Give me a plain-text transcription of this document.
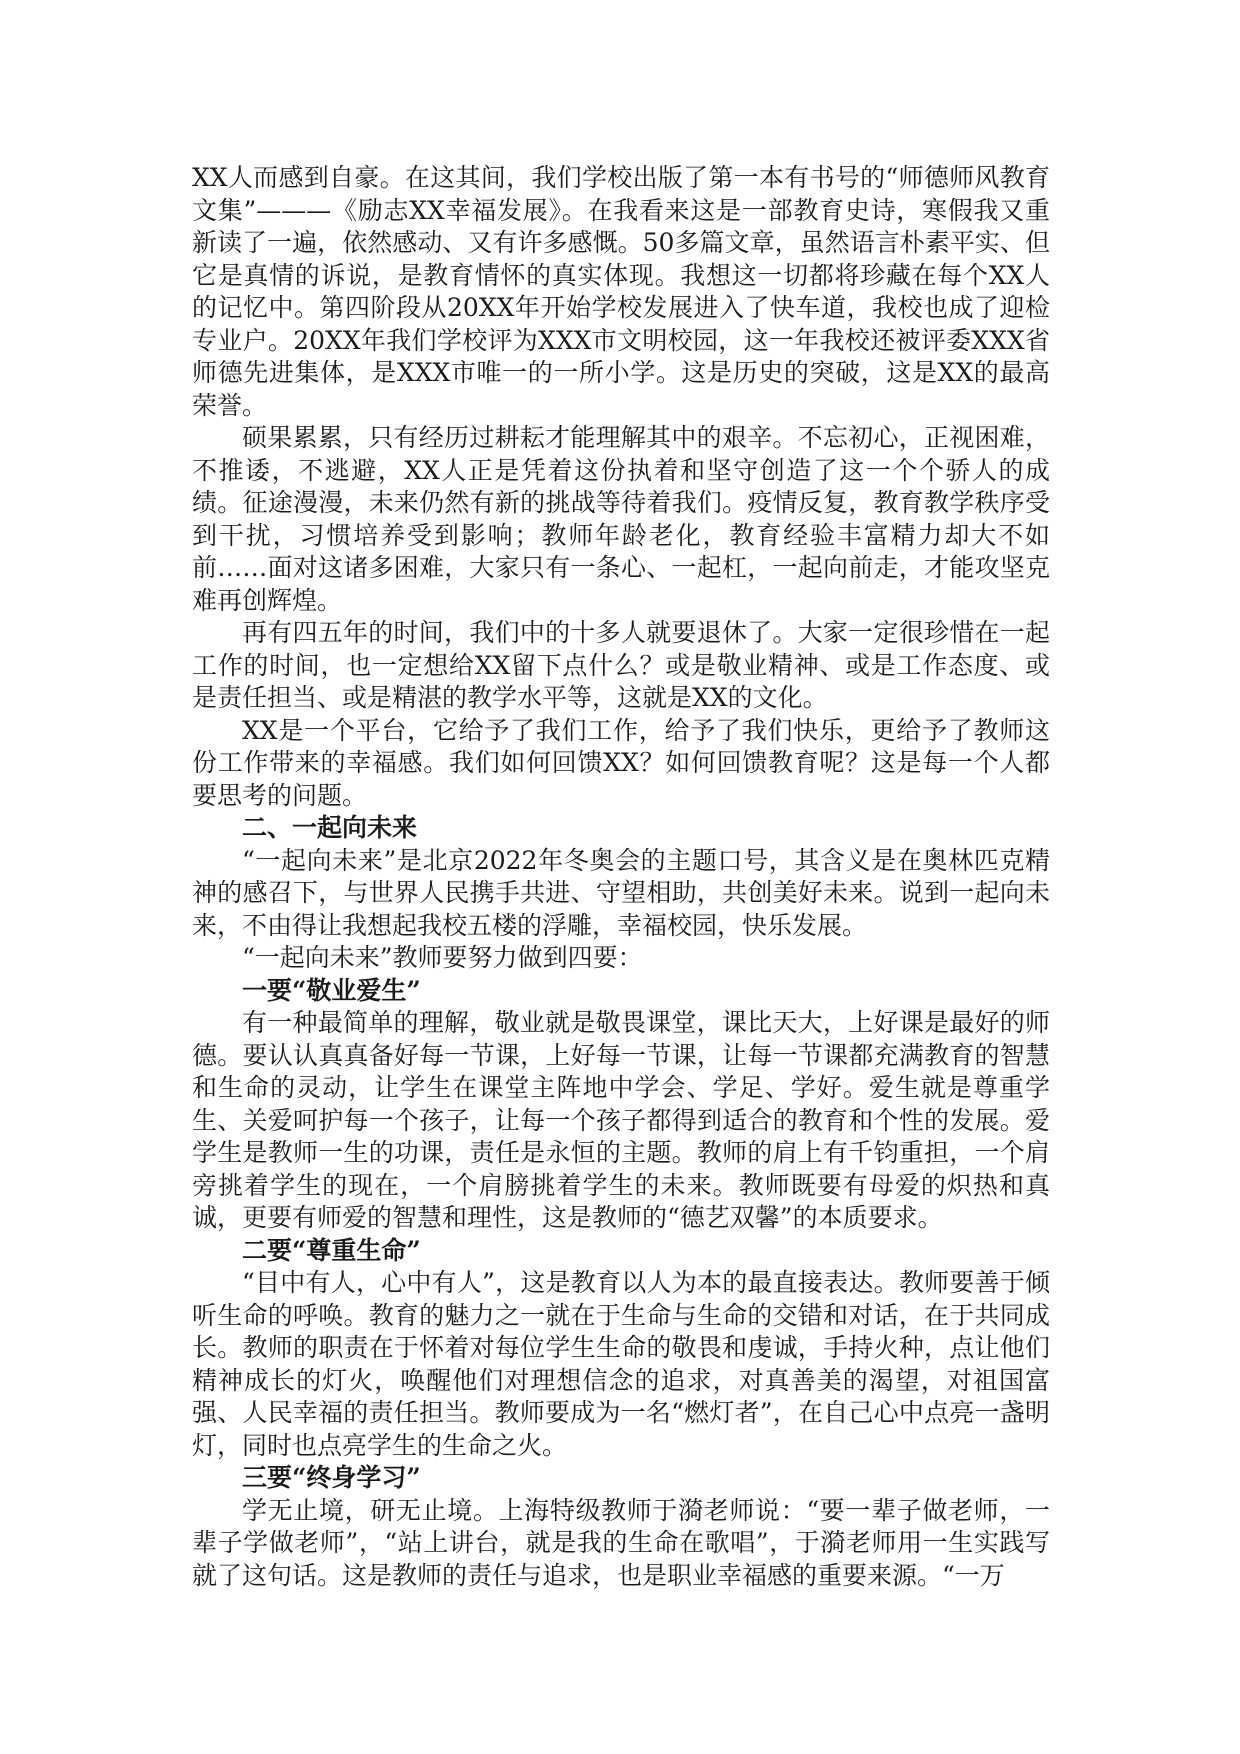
XX人而感到自豪。在这其间，我们学校出版了第一本有书号的“师德师风教育文集”———《励志XX幸福发展》。在我看来这是一部教育史诗，寒假我又重新读了一遍，依然感动、又有许多感慨。50多篇文章，虽然语言朴素平实、但它是真情的诉说，是教育情怀的真实体现。我想这一切都将珍藏在每个XX人的记忆中。第四阶段从20XX年开始学校发展进入了快车道，我校也成了迎检专业户。20XX年我们学校评为XXX市文明校园，这一年我校还被评委XXX省师德先进集体，是XXX市唯一的一所小学。这是历史的突破，这是XX的最高荣誉。

硕果累累，只有经历过耕耘才能理解其中的艰辛。不忘初心，正视困难，不推诿，不逃避，XX人正是凭着这份执着和坚守创造了这一个个骄人的成绩。征途漫漫，未来仍然有新的挑战等待着我们。疫情反复，教育教学秩序受到干扰，习惯培养受到影响；教师年龄老化，教育经验丰富精力却大不如前……面对这诸多困难，大家只有一条心、一起杠，一起向前走，才能攻坚克难再创辉煌。

再有四五年的时间，我们中的十多人就要退休了。大家一定很珍惜在一起工作的时间，也一定想给XX留下点什么？或是敬业精神、或是工作态度、或是责任担当、或是精湛的教学水平等，这就是XX的文化。

XX是一个平台，它给予了我们工作，给予了我们快乐，更给予了教师这份工作带来的幸福感。我们如何回馈XX？如何回馈教育呢？这是每一个人都要思考的问题。

二、一起向未来

“一起向未来”是北京2022年冬奥会的主题口号，其含义是在奥林匹克精神的感召下，与世界人民携手共进、守望相助，共创美好未来。说到一起向未来，不由得让我想起我校五楼的浮雕，幸福校园，快乐发展。

“一起向未来”教师要努力做到四要：

一要“敬业爱生”

有一种最简单的理解，敬业就是敬畏课堂，课比天大，上好课是最好的师德。要认认真真备好每一节课，上好每一节课，让每一节课都充满教育的智慧和生命的灵动，让学生在课堂主阵地中学会、学足、学好。爱生就是尊重学生、关爱呵护每一个孩子，让每一个孩子都得到适合的教育和个性的发展。爱学生是教师一生的功课，责任是永恒的主题。教师的肩上有千钧重担，一个肩旁挑着学生的现在，一个肩膀挑着学生的未来。教师既要有母爱的炽热和真诚，更要有师爱的智慧和理性，这是教师的“德艺双馨”的本质要求。

二要“尊重生命”

“目中有人，心中有人”，这是教育以人为本的最直接表达。教师要善于倾听生命的呼唤。教育的魅力之一就在于生命与生命的交错和对话，在于共同成长。教师的职责在于怀着对每位学生生命的敬畏和虔诚，手持火种，点让他们精神成长的灯火，唤醒他们对理想信念的追求，对真善美的渴望，对祖国富强、人民幸福的责任担当。教师要成为一名“燃灯者”，在自己心中点亮一盏明灯，同时也点亮学生的生命之火。

三要“终身学习”

学无止境，研无止境。上海特级教师于漪老师说：“要一辈子做老师，一辈子学做老师”，“站上讲台，就是我的生命在歌唱”，于漪老师用一生实践写就了这句话。这是教师的责任与追求，也是职业幸福感的重要来源。“一万
